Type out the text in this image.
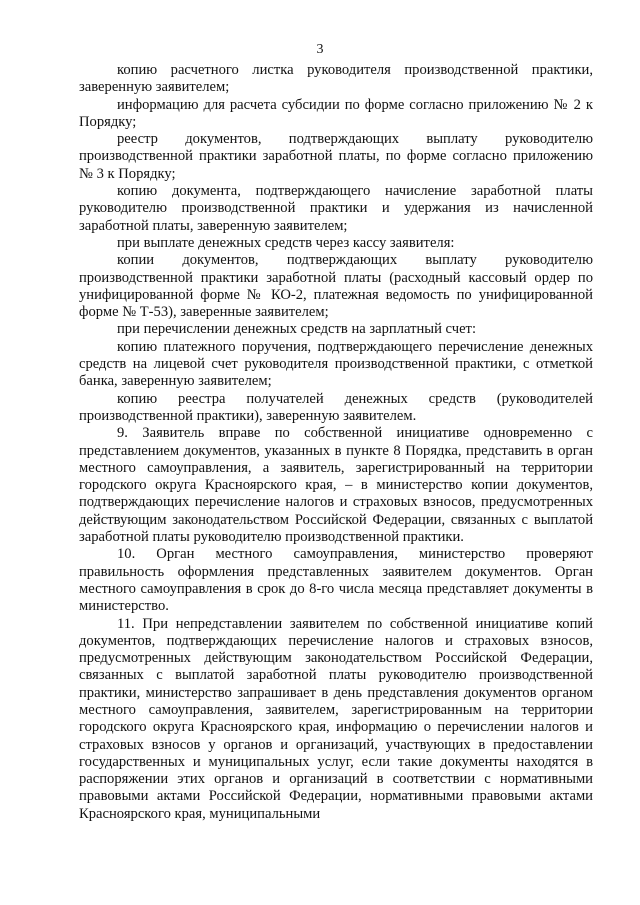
3

копию расчетного листка руководителя производственной практики, заверенную заявителем;

информацию для расчета субсидии по форме согласно приложению № 2 к Порядку;

реестр документов, подтверждающих выплату руководителю производственной практики заработной платы, по форме согласно приложению № 3 к Порядку;

копию документа, подтверждающего начисление заработной платы руководителю производственной практики и удержания из начисленной заработной платы, заверенную заявителем;

при выплате денежных средств через кассу заявителя:

копии документов, подтверждающих выплату руководителю производственной практики заработной платы (расходный кассовый ордер по унифицированной форме № КО-2, платежная ведомость по унифицированной форме № Т-53), заверенные заявителем;

при перечислении денежных средств на зарплатный счет:

копию платежного поручения, подтверждающего перечисление денежных средств на лицевой счет руководителя производственной практики, с отметкой банка, заверенную заявителем;

копию реестра получателей денежных средств (руководителей производственной практики), заверенную заявителем.

9. Заявитель вправе по собственной инициативе одновременно с представлением документов, указанных в пункте 8 Порядка, представить в орган местного самоуправления, а заявитель, зарегистрированный на территории городского округа Красноярского края, – в министерство копии документов, подтверждающих перечисление налогов и страховых взносов, предусмотренных действующим законодательством Российской Федерации, связанных с выплатой заработной платы руководителю производственной практики.

10. Орган местного самоуправления, министерство проверяют правильность оформления представленных заявителем документов. Орган местного самоуправления в срок до 8-го числа месяца представляет документы в министерство.

11. При непредставлении заявителем по собственной инициативе копий документов, подтверждающих перечисление налогов и страховых взносов, предусмотренных действующим законодательством Российской Федерации, связанных с выплатой заработной платы руководителю производственной практики, министерство запрашивает в день представления документов органом местного самоуправления, заявителем, зарегистрированным на территории городского округа Красноярского края, информацию о перечислении налогов и страховых взносов у органов и организаций, участвующих в предоставлении государственных и муниципальных услуг, если такие документы находятся в распоряжении этих органов и организаций в соответствии с нормативными правовыми актами Российской Федерации, нормативными правовыми актами Красноярского края, муниципальными
